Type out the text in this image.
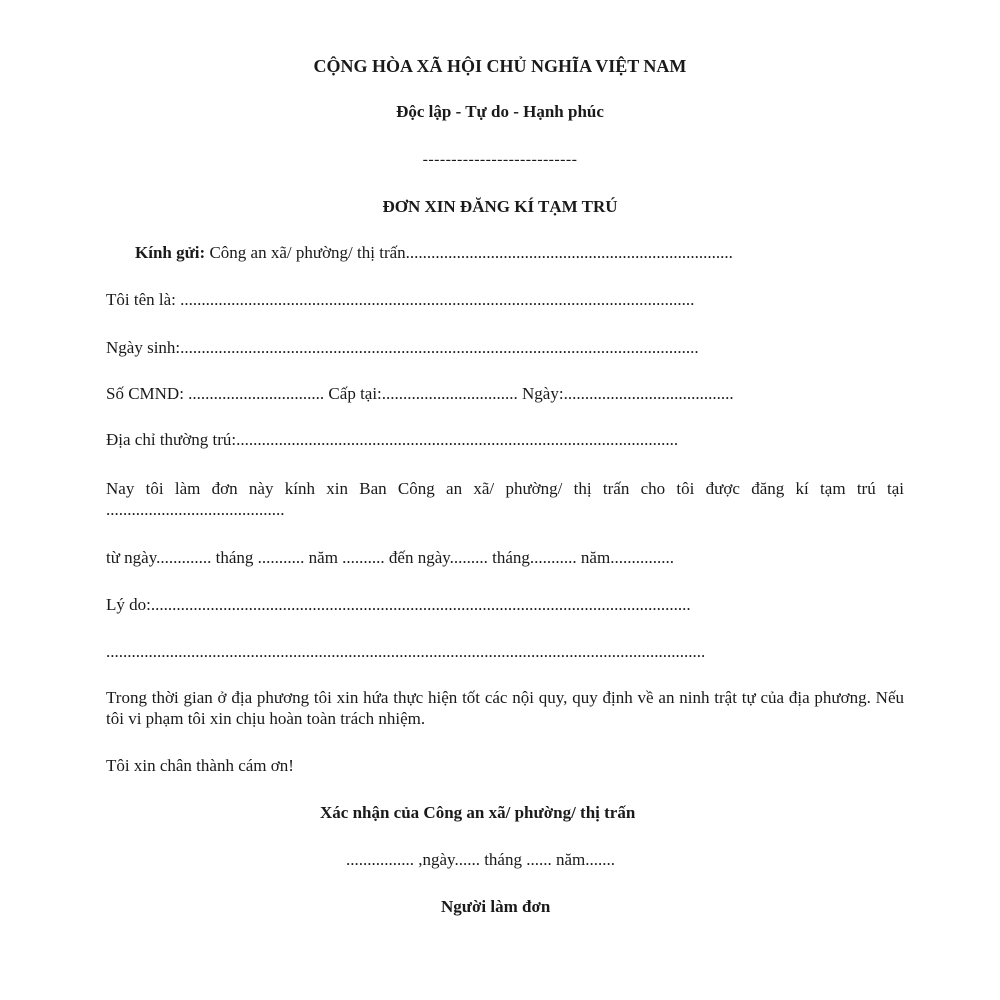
CỘNG HÒA XÃ HỘI CHỦ NGHĨA VIỆT NAM
Độc lập - Tự do - Hạnh phúc
---------------------------
ĐƠN XIN ĐĂNG KÍ TẠM TRÚ
Kính gửi: Công an xã/ phường/ thị trấn.............................................................................
Tôi tên là: .........................................................................................................................
Ngày sinh:..........................................................................................................................
Số CMND: ................................ Cấp tại:................................ Ngày:........................................
Địa chỉ thường trú:........................................................................................................
Nay tôi làm đơn này kính xin Ban Công an xã/ phường/ thị trấn cho tôi được đăng kí tạm trú tại ..........................................
từ ngày............. tháng ........... năm .......... đến ngày......... tháng........... năm...............
Lý do:...............................................................................................................................
.............................................................................................................................................
Trong thời gian ở địa phương tôi xin hứa thực hiện tốt các nội quy, quy định về an ninh trật tự của địa phương. Nếu tôi vi phạm tôi xin chịu hoàn toàn trách nhiệm.
Tôi xin chân thành cám ơn!
Xác nhận của Công an xã/ phường/ thị trấn
................ ,ngày...... tháng ...... năm.......
Người làm đơn
